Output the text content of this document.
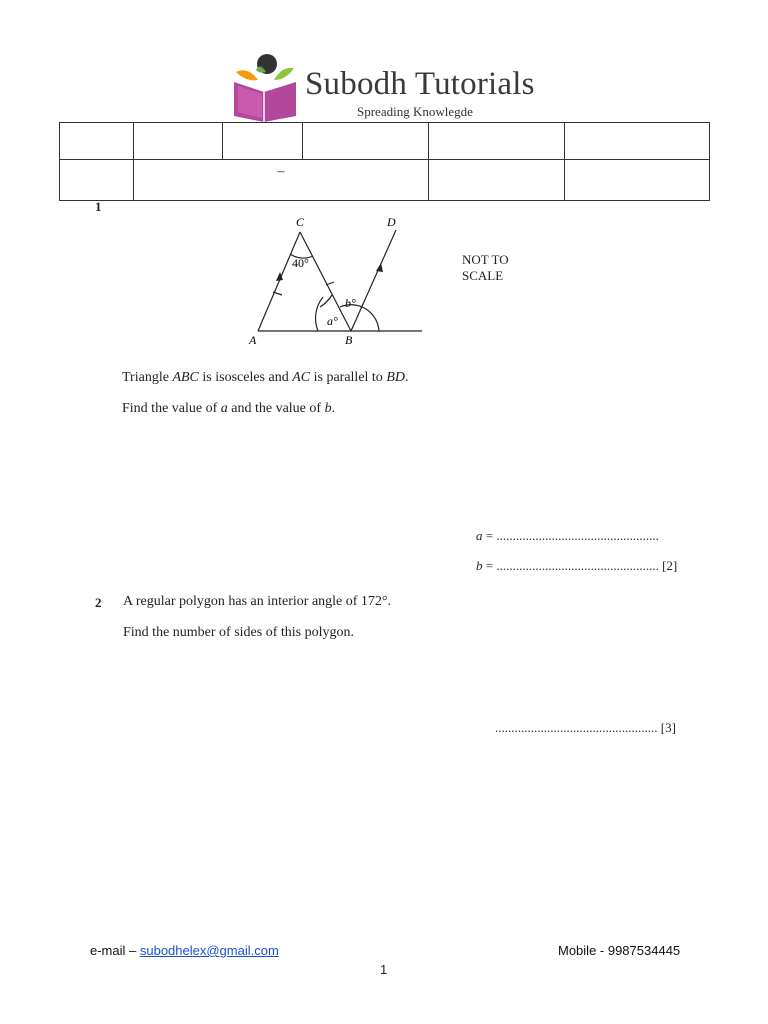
Subodh Tutorials
Spreading Knowlegde

	–				
1
C	D
A	B
40°
a°
b°
NOT TO
SCALE
Triangle ABC is isosceles and AC is parallel to BD.
Find the value of a and the value of b.
a = ..................................................
b = .................................................. [2]
2 A regular polygon has an interior angle of 172°.
Find the number of sides of this polygon.
.................................................. [3]
e-mail – subodhelex@gmail.com	Mobile - 9987534445
1
